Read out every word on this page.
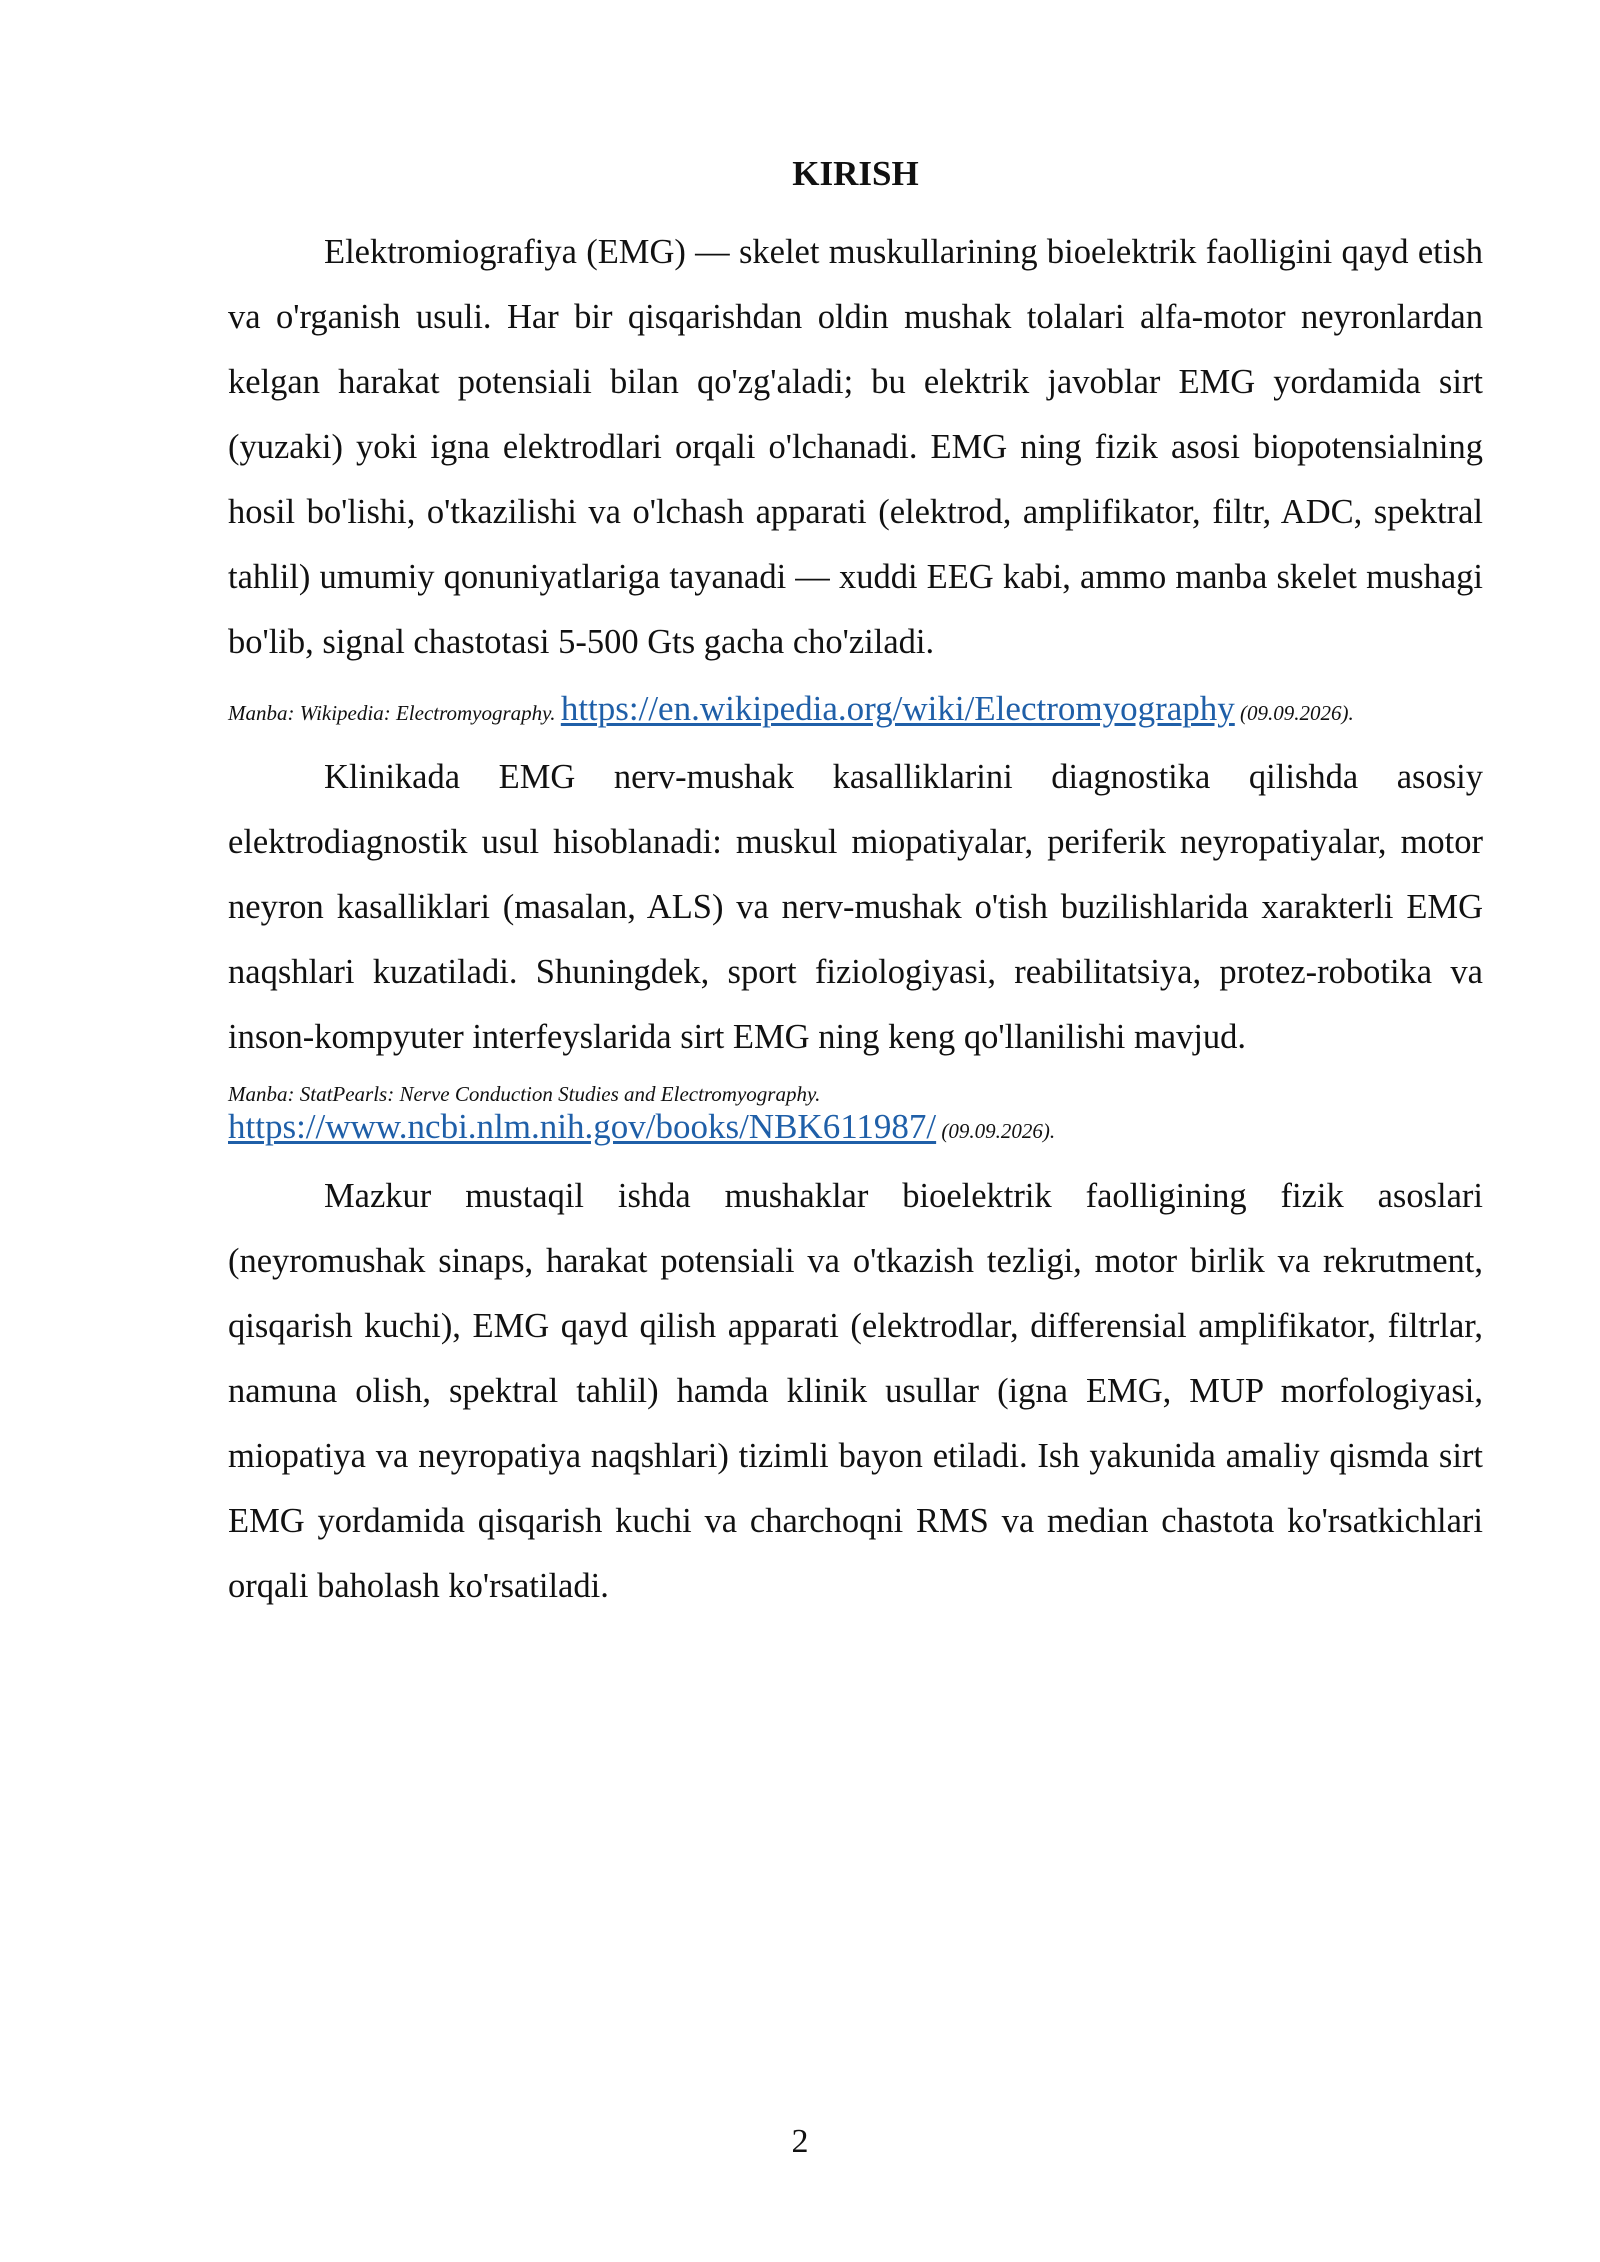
KIRISH

Elektromiografiya (EMG) — skelet muskullarining bioelektrik faolligini qayd etish va o'rganish usuli. Har bir qisqarishdan oldin mushak tolalari alfa-motor neyronlardan kelgan harakat potensiali bilan qo'zg'aladi; bu elektrik javoblar EMG yordamida sirt (yuzaki) yoki igna elektrodlari orqali o'lchanadi. EMG ning fizik asosi biopotensialning hosil bo'lishi, o'tkazilishi va o'lchash apparati (elektrod, amplifikator, filtr, ADC, spektral tahlil) umumiy qonuniyatlariga tayanadi — xuddi EEG kabi, ammo manba skelet mushagi bo'lib, signal chastotasi 5-500 Gts gacha cho'ziladi.

Manba: Wikipedia: Electromyography. https://en.wikipedia.org/wiki/Electromyography (09.09.2026).

Klinikada EMG nerv-mushak kasalliklarini diagnostika qilishda asosiy elektrodiagnostik usul hisoblanadi: muskul miopatiyalar, periferik neyropatiyalar, motor neyron kasalliklari (masalan, ALS) va nerv-mushak o'tish buzilishlarida xarakterli EMG naqshlari kuzatiladi. Shuningdek, sport fiziologiyasi, reabilitatsiya, protez-robotika va inson-kompyuter interfeyslarida sirt EMG ning keng qo'llanilishi mavjud.

Manba: StatPearls: Nerve Conduction Studies and Electromyography.
https://www.ncbi.nlm.nih.gov/books/NBK611987/ (09.09.2026).

Mazkur mustaqil ishda mushaklar bioelektrik faolligining fizik asoslari (neyromushak sinaps, harakat potensiali va o'tkazish tezligi, motor birlik va rekrutment, qisqarish kuchi), EMG qayd qilish apparati (elektrodlar, differensial amplifikator, filtrlar, namuna olish, spektral tahlil) hamda klinik usullar (igna EMG, MUP morfologiyasi, miopatiya va neyropatiya naqshlari) tizimli bayon etiladi. Ish yakunida amaliy qismda sirt EMG yordamida qisqarish kuchi va charchoqni RMS va median chastota ko'rsatkichlari orqali baholash ko'rsatiladi.

2
